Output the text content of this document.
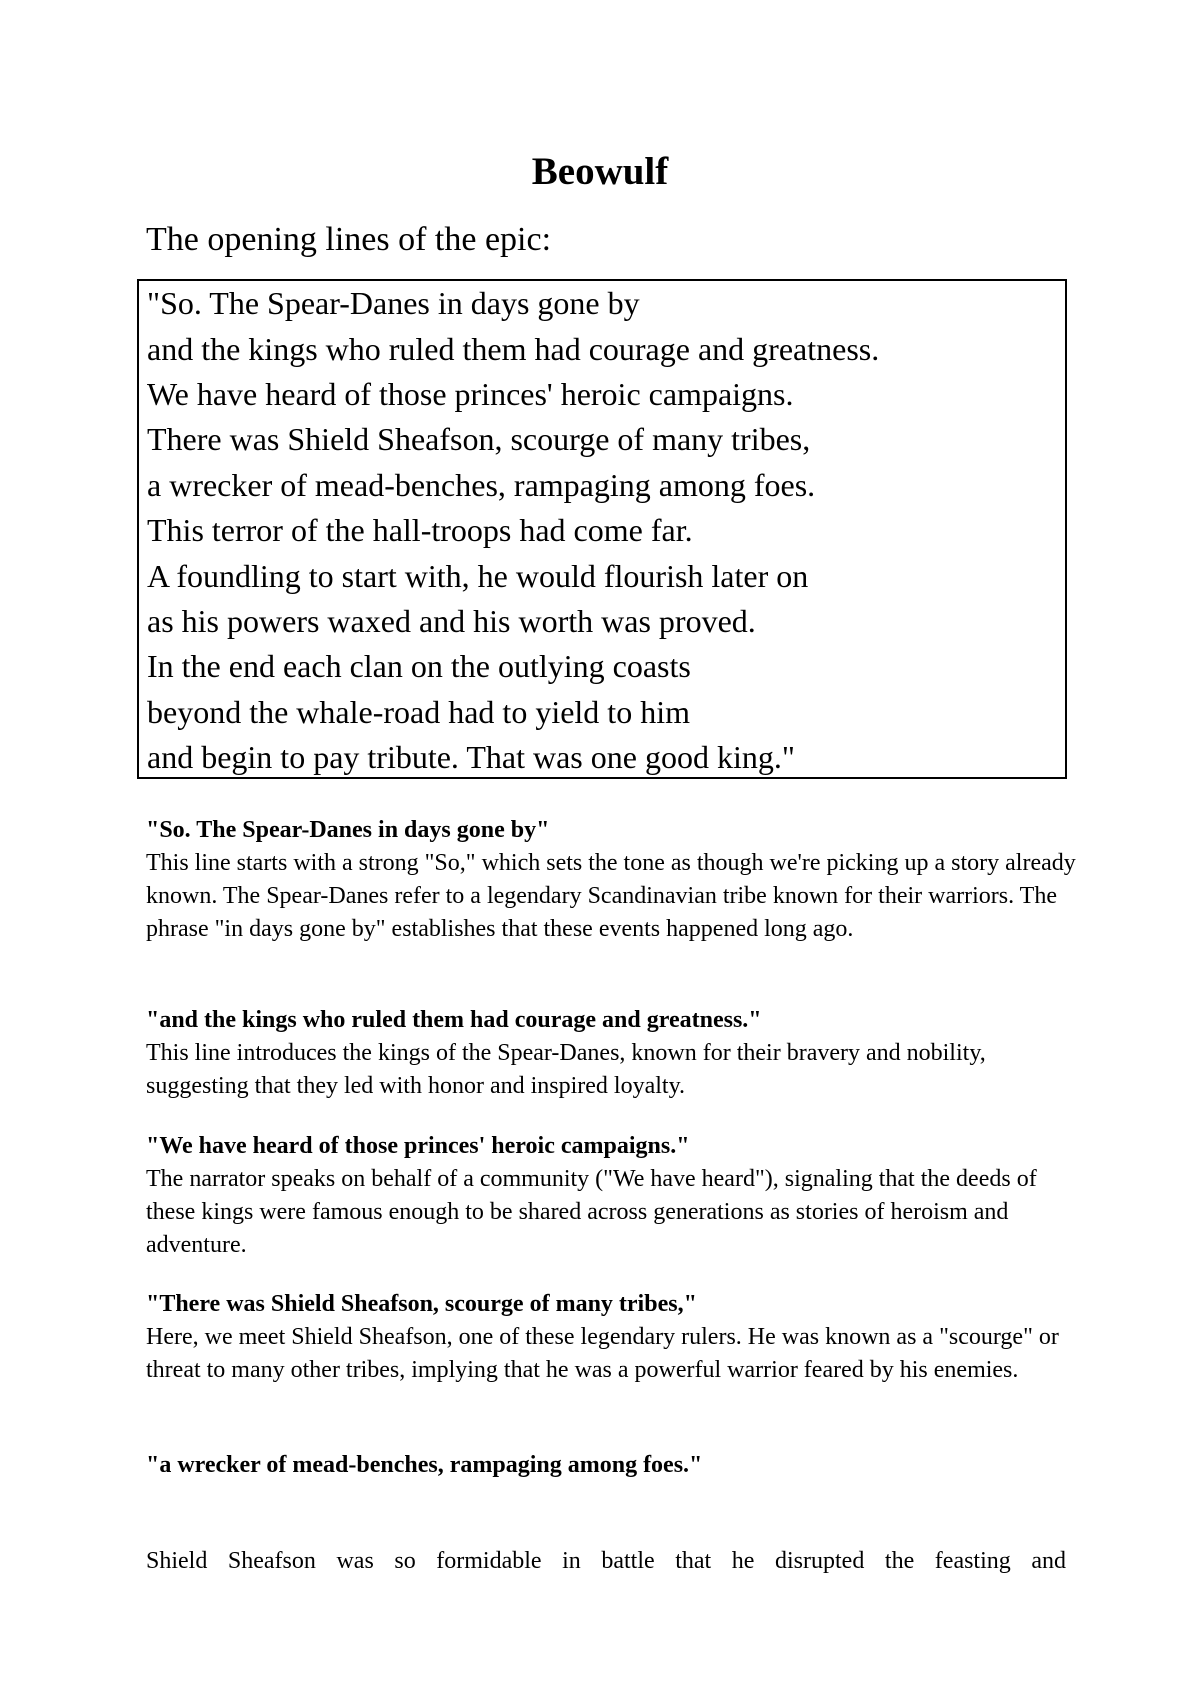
Beowulf

The opening lines of the epic:

"So. The Spear-Danes in days gone by
and the kings who ruled them had courage and greatness.
We have heard of those princes' heroic campaigns.
There was Shield Sheafson, scourge of many tribes,
a wrecker of mead-benches, rampaging among foes.
This terror of the hall-troops had come far.
A foundling to start with, he would flourish later on
as his powers waxed and his worth was proved.
In the end each clan on the outlying coasts
beyond the whale-road had to yield to him
and begin to pay tribute. That was one good king."

"So. The Spear-Danes in days gone by"

This line starts with a strong "So," which sets the tone as though we're picking up a story already known. The Spear-Danes refer to a legendary Scandinavian tribe known for their warriors. The phrase "in days gone by" establishes that these events happened long ago.

"and the kings who ruled them had courage and greatness."

This line introduces the kings of the Spear-Danes, known for their bravery and nobility, suggesting that they led with honor and inspired loyalty.

"We have heard of those princes' heroic campaigns."

The narrator speaks on behalf of a community ("We have heard"), signaling that the deeds of these kings were famous enough to be shared across generations as stories of heroism and adventure.

"There was Shield Sheafson, scourge of many tribes,"

Here, we meet Shield Sheafson, one of these legendary rulers. He was known as a "scourge" or threat to many other tribes, implying that he was a powerful warrior feared by his enemies.

"a wrecker of mead-benches, rampaging among foes."

Shield Sheafson was so formidable in battle that he disrupted the feasting and
